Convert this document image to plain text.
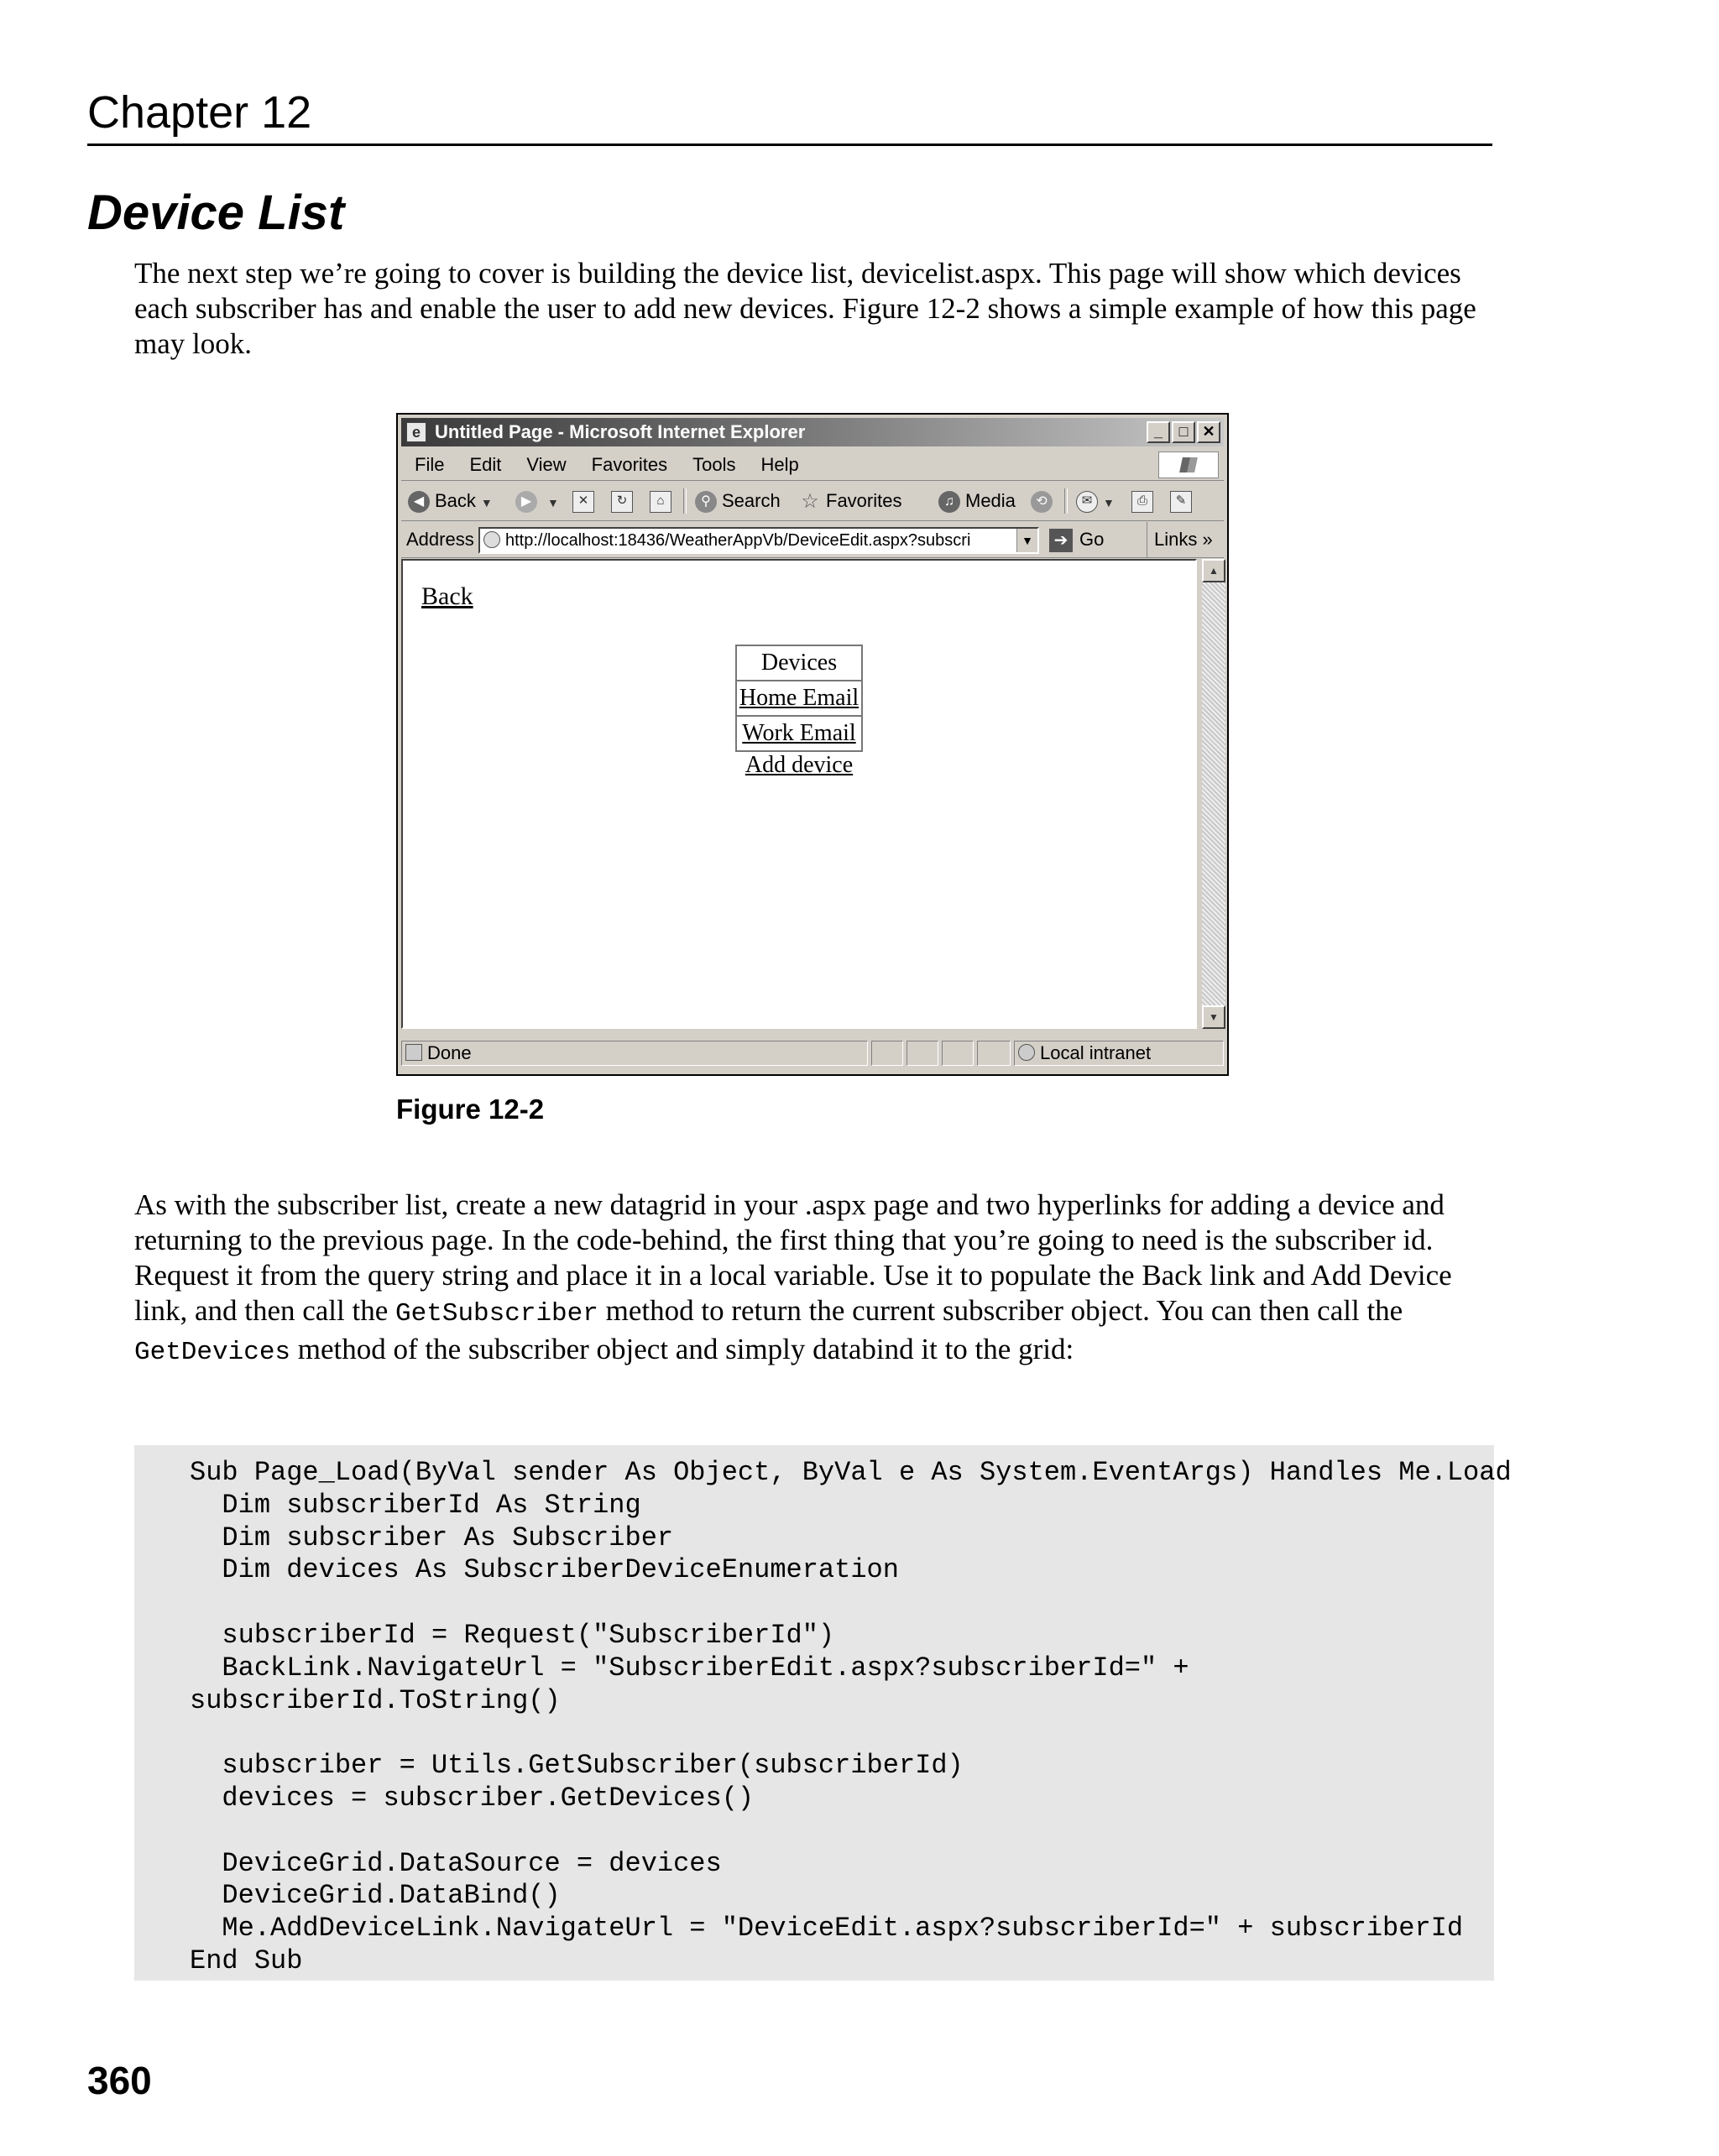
Chapter 12
Device List

The next step we’re going to cover is building the device list, devicelist.aspx. This page will show which devices each subscriber has and enable the user to add new devices. Figure 12-2 shows a simple example of how this page may look.

e Untitled Page - Microsoft Internet Explorer	_ □ ✕
File Edit View Favorites Tools Help
◀ Back ▼	▶ ▼	✕	↻	⌂	⚲ Search ☆ Favorites	♫ Media	⟲	✉ ▼	⎙	✎
Address	http://localhost:18436/WeatherAppVb/DeviceEdit.aspx?subscri	▼ ➔ Go	Links »
Back
Devices
Home Email
Work Email
Add device
▲
▼
Done	Local intranet

Figure 12-2

As with the subscriber list, create a new datagrid in your .aspx page and two hyperlinks for adding a device and returning to the previous page. In the code-behind, the first thing that you’re going to need is the subscriber id. Request it from the query string and place it in a local variable. Use it to populate the Back link and Add Device link, and then call the GetSubscriber method to return the current subscriber object. You can then call the GetDevices method of the subscriber object and simply databind it to the grid:

Sub Page_Load(ByVal sender As Object, ByVal e As System.EventArgs) Handles Me.Load
Dim subscriberId As String
Dim subscriber As Subscriber
Dim devices As SubscriberDeviceEnumeration

subscriberId = Request("SubscriberId")
BackLink.NavigateUrl = "SubscriberEdit.aspx?subscriberId=" +
subscriberId.ToString()

subscriber = Utils.GetSubscriber(subscriberId)
devices = subscriber.GetDevices()

DeviceGrid.DataSource = devices
DeviceGrid.DataBind()
Me.AddDeviceLink.NavigateUrl = "DeviceEdit.aspx?subscriberId=" + subscriberId
End Sub
360
